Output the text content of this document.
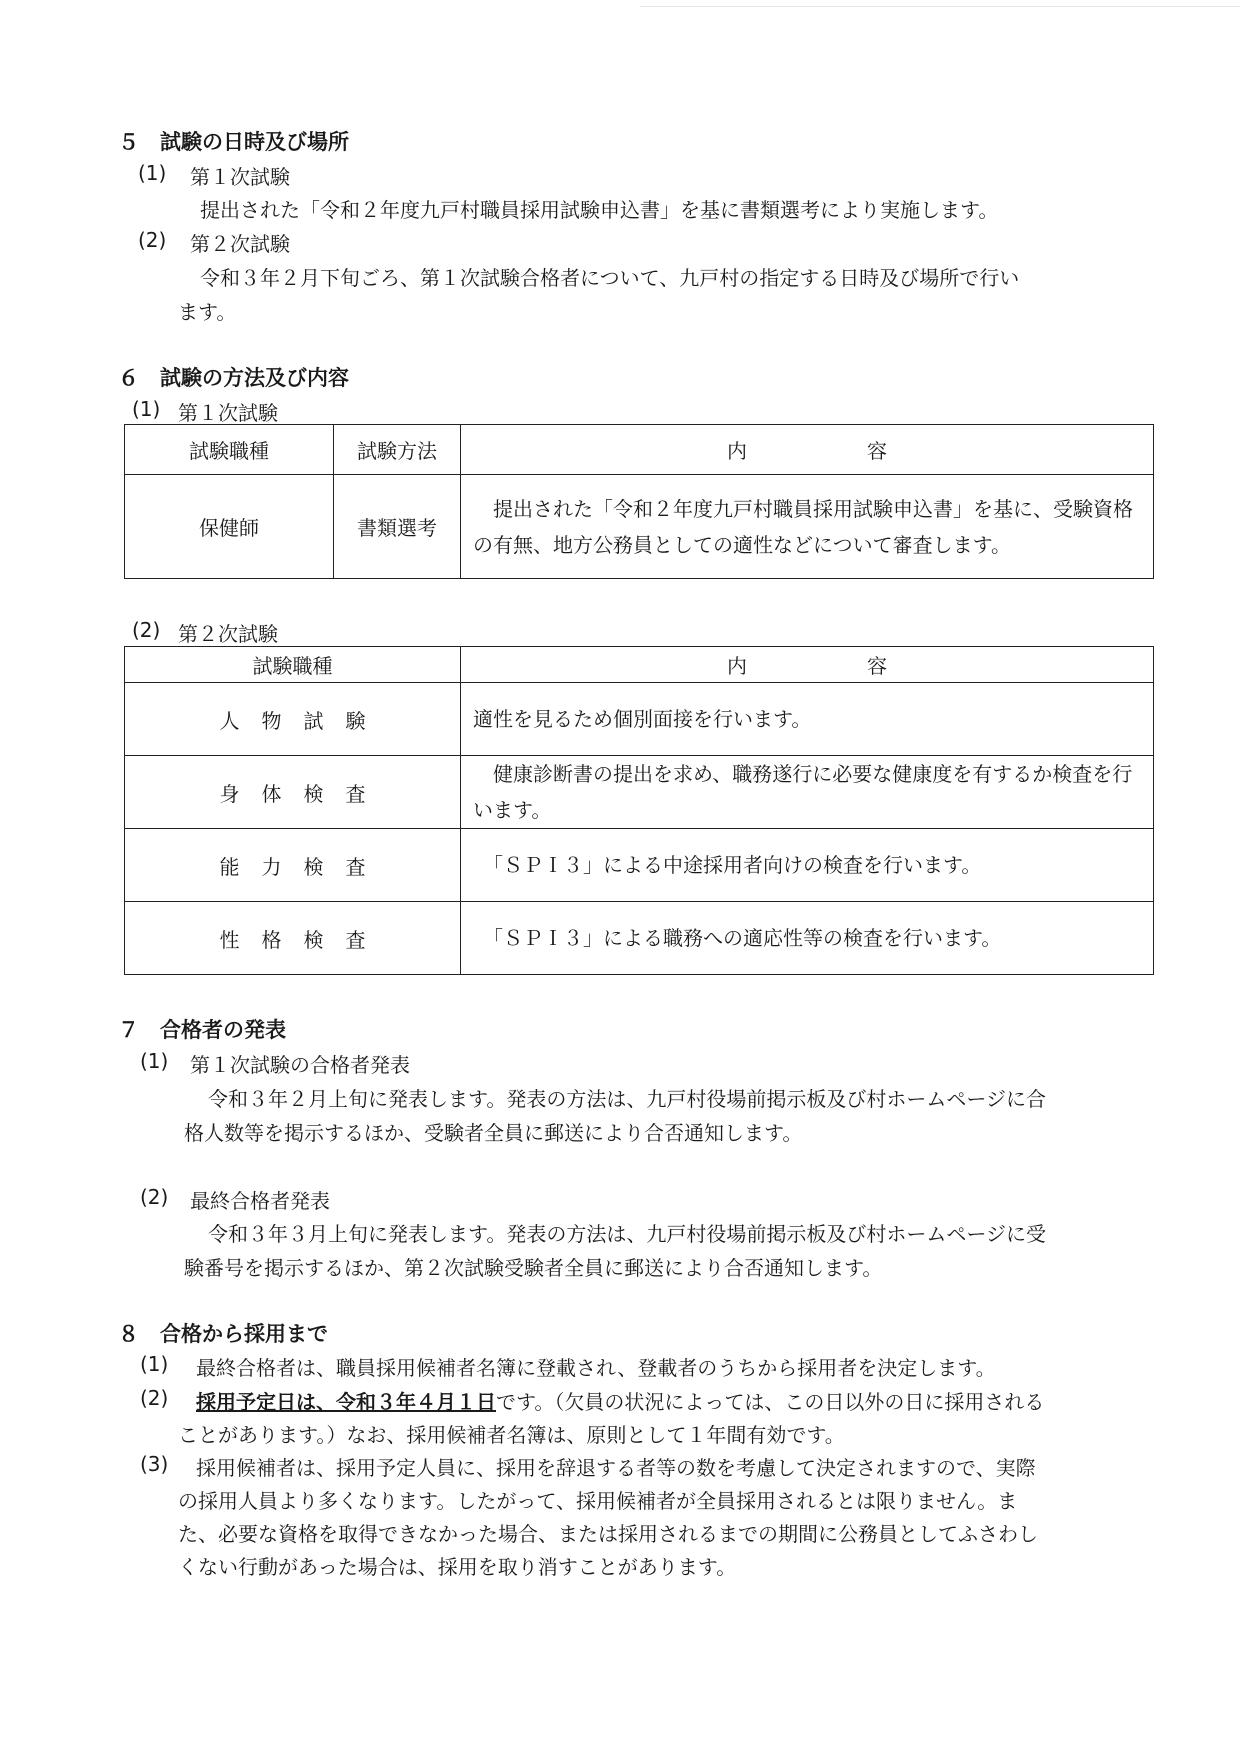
５　試験の日時及び場所
(1) 第１次試験
提出された「令和２年度九戸村職員採用試験申込書」を基に書類選考により実施します。
(2) 第２次試験
令和３年２月下旬ごろ、第１次試験合格者について、九戸村の指定する日時及び場所で行い
ます。
６　試験の方法及び内容
(1) 第１次試験
試験職種	試験方法	内　　　　　　容
保健師	書類選考	　提出された「令和２年度九戸村職員採用試験申込書」を基に、受験資格の有無、地方公務員としての適性などについて審査します。
(2) 第２次試験
試験職種	内　　　　　　容
人物試験	適性を見るため個別面接を行います。

身体検査	　健康診断書の提出を求め、職務遂行に必要な健康度を有するか検査を行います。

能力検査	　「ＳＰＩ３」による中途採用者向けの検査を行います。

性格検査	　「ＳＰＩ３」による職務への適応性等の検査を行います。
７　合格者の発表
(1) 第１次試験の合格者発表
令和３年２月上旬に発表します。発表の方法は、九戸村役場前掲示板及び村ホームページに合
格人数等を掲示するほか、受験者全員に郵送により合否通知します。
(2) 最終合格者発表
令和３年３月上旬に発表します。発表の方法は、九戸村役場前掲示板及び村ホームページに受
験番号を掲示するほか、第２次試験受験者全員に郵送により合否通知します。
８　合格から採用まで
(1) 最終合格者は、職員採用候補者名簿に登載され、登載者のうちから採用者を決定します。
(2) 採用予定日は、令和３年４月１日です。（欠員の状況によっては、この日以外の日に採用される
ことがあります。）なお、採用候補者名簿は、原則として１年間有効です。
(3) 採用候補者は、採用予定人員に、採用を辞退する者等の数を考慮して決定されますので、実際
の採用人員より多くなります。したがって、採用候補者が全員採用されるとは限りません。ま
た、必要な資格を取得できなかった場合、または採用されるまでの期間に公務員としてふさわし
くない行動があった場合は、採用を取り消すことがあります。
